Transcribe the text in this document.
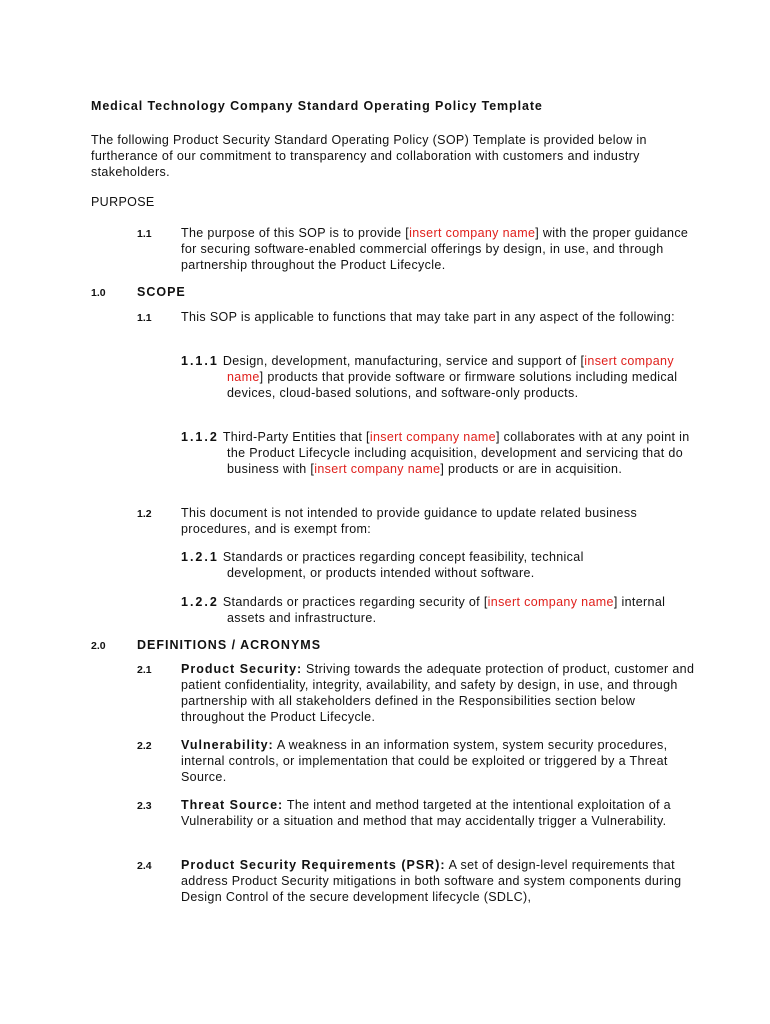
Medical Technology Company Standard Operating Policy Template
The following Product Security Standard Operating Policy (SOP) Template is provided below in furtherance of our commitment to transparency and collaboration with customers and industry stakeholders.
PURPOSE
1.1 The purpose of this SOP is to provide [insert company name] with the proper guidance for securing software-enabled commercial offerings by design, in use, and through partnership throughout the Product Lifecycle.
1.0	SCOPE
1.1 This SOP is applicable to functions that may take part in any aspect of the following:
1.1.1 Design, development, manufacturing, service and support of [insert company name] products that provide software or firmware solutions including medical devices, cloud-based solutions, and software-only products.
1.1.2 Third-Party Entities that [insert company name] collaborates with at any point in the Product Lifecycle including acquisition, development and servicing that do business with [insert company name] products or are in acquisition.
1.2 This document is not intended to provide guidance to update related business procedures, and is exempt from:
1.2.1 Standards or practices regarding concept feasibility, technical development, or products intended without software.
1.2.2 Standards or practices regarding security of [insert company name] internal assets and infrastructure.
2.0	DEFINITIONS / ACRONYMS
2.1 Product Security: Striving towards the adequate protection of product, customer and patient confidentiality, integrity, availability, and safety by design, in use, and through partnership with all stakeholders defined in the Responsibilities section below throughout the Product Lifecycle.
2.2 Vulnerability: A weakness in an information system, system security procedures, internal controls, or implementation that could be exploited or triggered by a Threat Source.
2.3 Threat Source: The intent and method targeted at the intentional exploitation of a Vulnerability or a situation and method that may accidentally trigger a Vulnerability.
2.4 Product Security Requirements (PSR): A set of design-level requirements that address Product Security mitigations in both software and system components during Design Control of the secure development lifecycle (SDLC),
